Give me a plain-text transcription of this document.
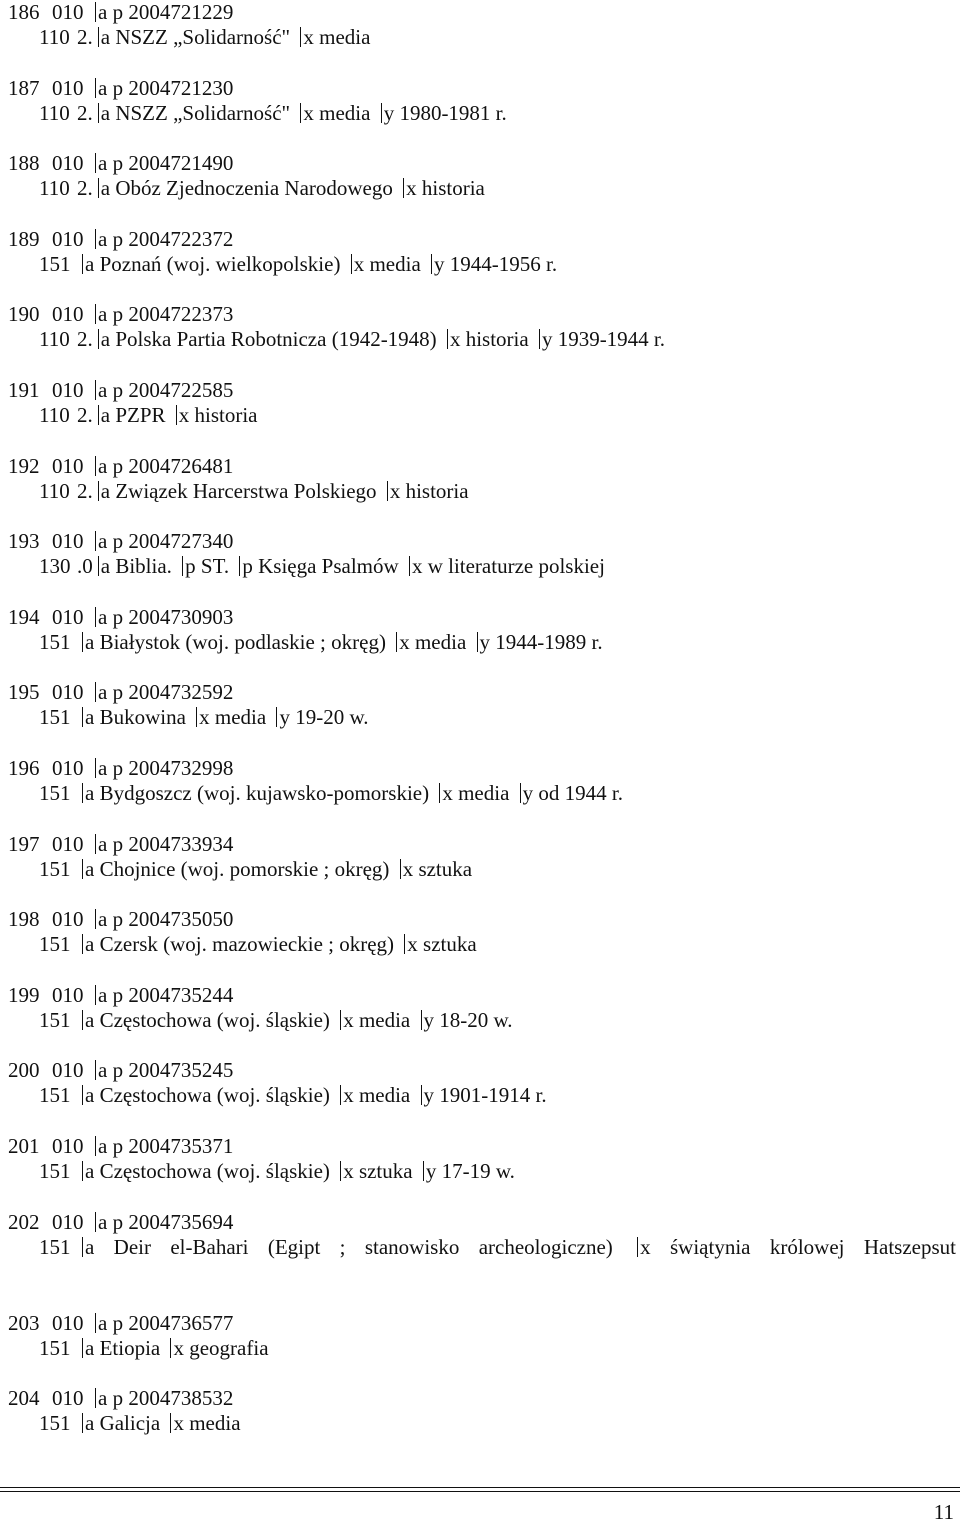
186 010 a p 2004721229
110 2. a NSZZ „Solidarność" x media
187 010 a p 2004721230
110 2. a NSZZ „Solidarność" x media y 1980-1981 r.
188 010 a p 2004721490
110 2. a Obóz Zjednoczenia Narodowego x historia
189 010 a p 2004722372
151 a Poznań (woj. wielkopolskie) x media y 1944-1956 r.
190 010 a p 2004722373
110 2. a Polska Partia Robotnicza (1942-1948) x historia y 1939-1944 r.
191 010 a p 2004722585
110 2. a PZPR x historia
192 010 a p 2004726481
110 2. a Związek Harcerstwa Polskiego x historia
193 010 a p 2004727340
130 .0 a Biblia. p ST. p Księga Psalmów x w literaturze polskiej
194 010 a p 2004730903
151 a Białystok (woj. podlaskie ; okręg) x media y 1944-1989 r.
195 010 a p 2004732592
151 a Bukowina x media y 19-20 w.
196 010 a p 2004732998
151 a Bydgoszcz (woj. kujawsko-pomorskie) x media y od 1944 r.
197 010 a p 2004733934
151 a Chojnice (woj. pomorskie ; okręg) x sztuka
198 010 a p 2004735050
151 a Czersk (woj. mazowieckie ; okręg) x sztuka
199 010 a p 2004735244
151 a Częstochowa (woj. śląskie) x media y 18-20 w.
200 010 a p 2004735245
151 a Częstochowa (woj. śląskie) x media y 1901-1914 r.
201 010 a p 2004735371
151 a Częstochowa (woj. śląskie) x sztuka y 17-19 w.
202 010 a p 2004735694
151 a Deir el-Bahari (Egipt ; stanowisko archeologiczne) x świątynia królowej Hatszepsut
203 010 a p 2004736577
151 a Etiopia x geografia
204 010 a p 2004738532
151 a Galicja x media
11
